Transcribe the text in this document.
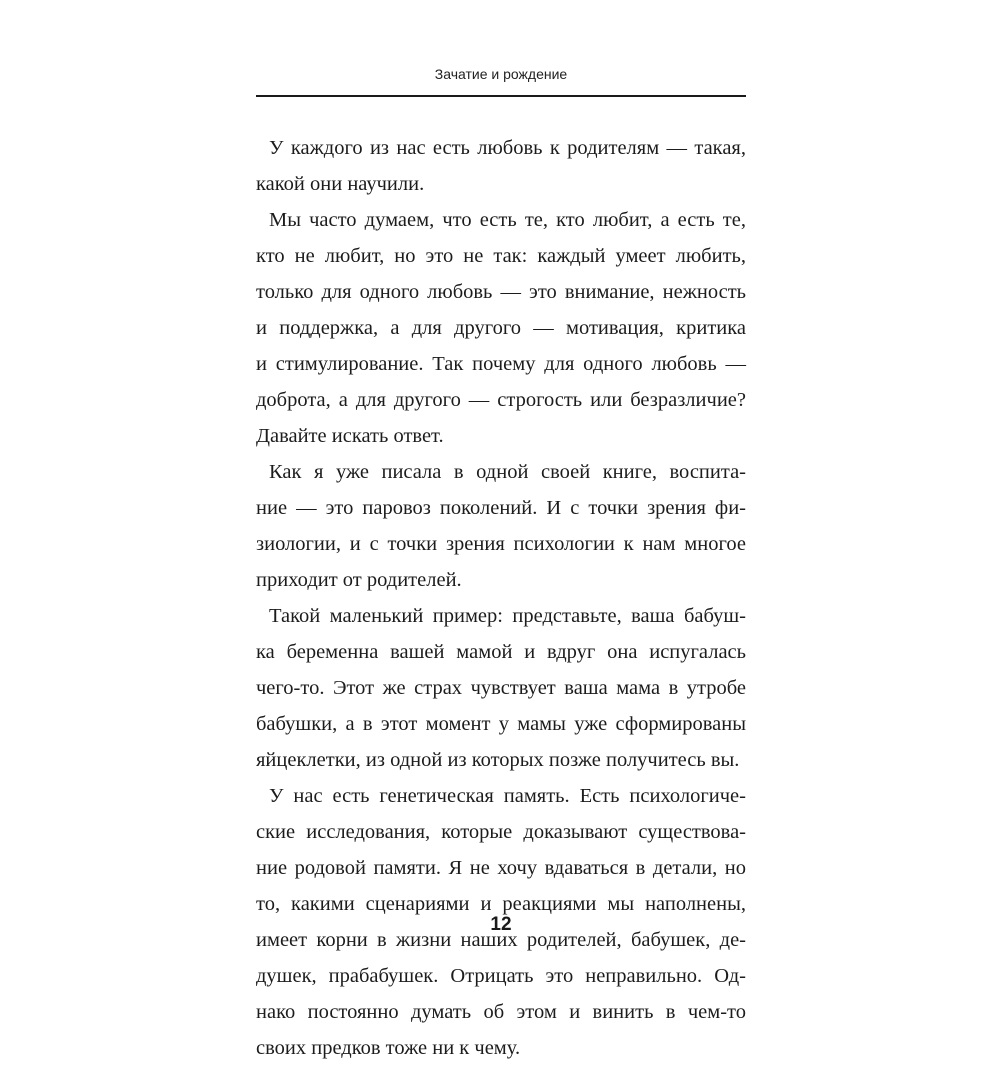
Зачатие и рождение
У каждого из нас есть любовь к родителям — такая,
какой они научили.
Мы часто думаем, что есть те, кто любит, а есть те,
кто не любит, но это не так: каждый умеет любить,
только для одного любовь — это внимание, нежность
и поддержка, а для другого — мотивация, критика
и стимулирование. Так почему для одного любовь —
доброта, а для другого — строгость или безразличие?
Давайте искать ответ.
Как я уже писала в одной своей книге, воспита-
ние — это паровоз поколений. И с точки зрения фи-
зиологии, и с точки зрения психологии к нам многое
приходит от родителей.
Такой маленький пример: представьте, ваша бабуш-
ка беременна вашей мамой и вдруг она испугалась
чего-то. Этот же страх чувствует ваша мама в утробе
бабушки, а в этот момент у мамы уже сформированы
яйцеклетки, из одной из которых позже получитесь вы.
У нас есть генетическая память. Есть психологиче-
ские исследования, которые доказывают существова-
ние родовой памяти. Я не хочу вдаваться в детали, но
то, какими сценариями и реакциями мы наполнены,
имеет корни в жизни наших родителей, бабушек, де-
душек, прабабушек. Отрицать это неправильно. Од-
нако постоянно думать об этом и винить в чем-то
своих предков тоже ни к чему.
12
